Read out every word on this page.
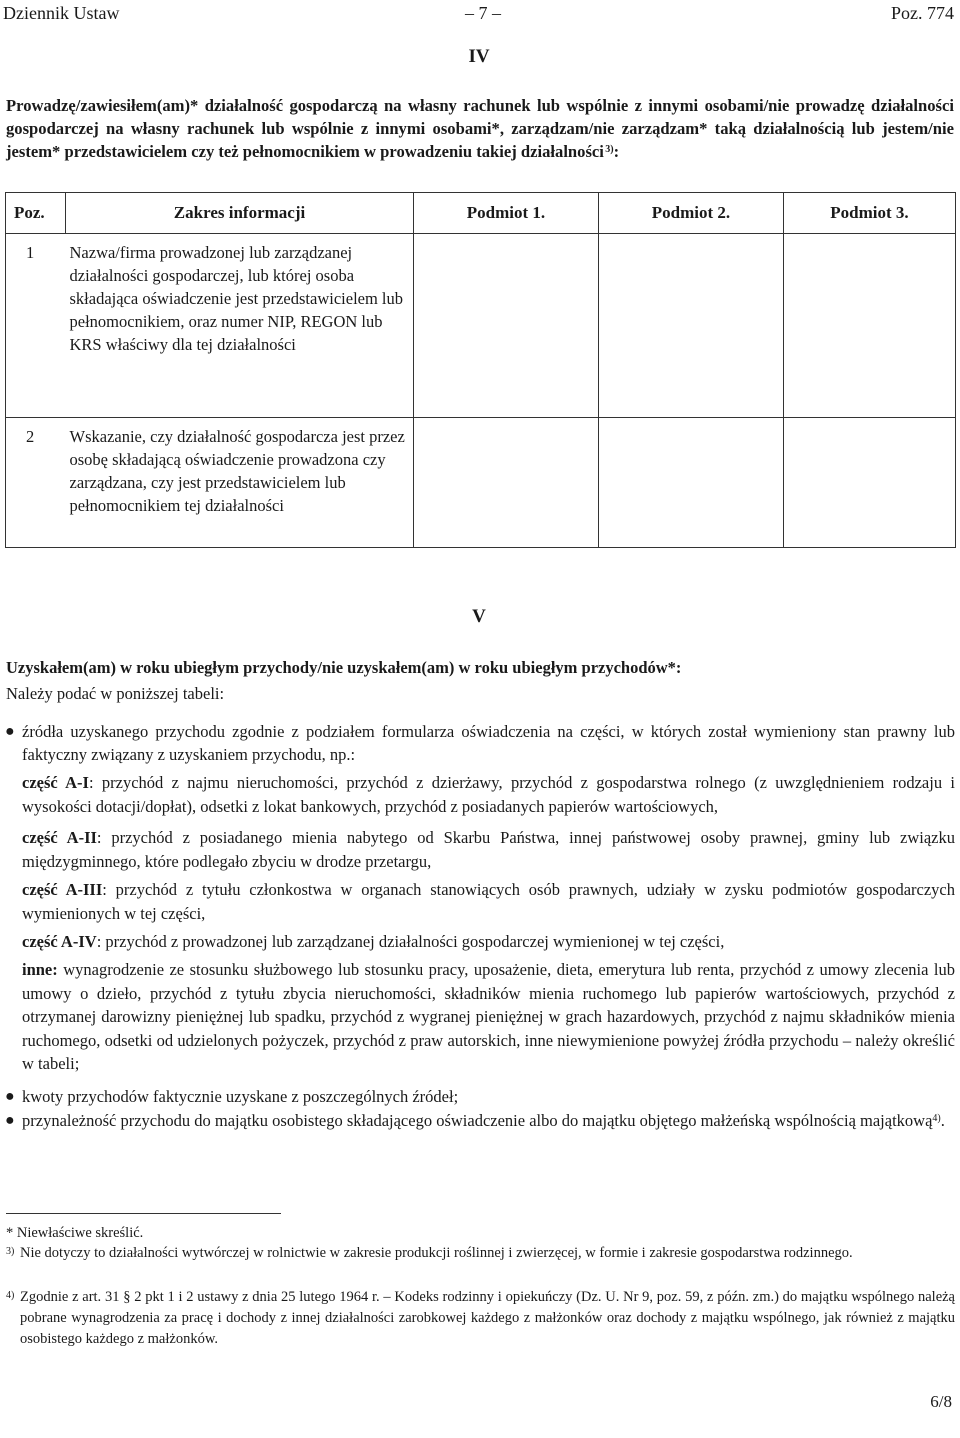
Dziennik Ustaw	– 7 –	Poz. 774
IV
Prowadzę/zawiesiłem(am)* działalność gospodarczą na własny rachunek lub wspólnie z innymi osobami/nie prowadzę działalności gospodarczej na własny rachunek lub wspólnie z innymi osobami*, zarządzam/nie zarządzam* taką działalnością lub jestem/nie jestem* przedstawicielem czy też pełnomocnikiem w prowadzeniu takiej działalności $^{3)}$:
Poz.	Zakres informacji	Podmiot 1.	Podmiot 2.	Podmiot 3.
1	Nazwa/firma prowadzonej lub zarządzanej działalności gospodarczej, lub której osoba składająca oświadczenie jest przedstawicielem lub pełnomocnikiem, oraz numer NIP, REGON lub KRS właściwy dla tej działalności			
2	Wskazanie, czy działalność gospodarcza jest przez osobę składającą oświadczenie prowadzona czy zarządzana, czy jest przedstawicielem lub pełnomocnikiem tej działalności			
V
Uzyskałem(am) w roku ubiegłym przychody/nie uzyskałem(am) w roku ubiegłym przychodów*:
Należy podać w poniższej tabeli:
● źródła uzyskanego przychodu zgodnie z podziałem formularza oświadczenia na części, w których został wymieniony stan prawny lub faktyczny związany z uzyskaniem przychodu, np.:
część A-I: przychód z najmu nieruchomości, przychód z dzierżawy, przychód z gospodarstwa rolnego (z uwzględnieniem rodzaju i wysokości dotacji/dopłat), odsetki z lokat bankowych, przychód z posiadanych papierów wartościowych,
część A-II: przychód z posiadanego mienia nabytego od Skarbu Państwa, innej państwowej osoby prawnej, gminy lub związku międzygminnego, które podlegało zbyciu w drodze przetargu,
część A-III: przychód z tytułu członkostwa w organach stanowiących osób prawnych, udziały w zysku podmiotów gospodarczych wymienionych w tej części,
część A-IV: przychód z prowadzonej lub zarządzanej działalności gospodarczej wymienionej w tej części,
inne: wynagrodzenie ze stosunku służbowego lub stosunku pracy, uposażenie, dieta, emerytura lub renta, przychód z umowy zlecenia lub umowy o dzieło, przychód z tytułu zbycia nieruchomości, składników mienia ruchomego lub papierów wartościowych, przychód z otrzymanej darowizny pieniężnej lub spadku, przychód z wygranej pieniężnej w grach hazardowych, przychód z najmu składników mienia ruchomego, odsetki od udzielonych pożyczek, przychód z praw autorskich, inne niewymienione powyżej źródła przychodu – należy określić w tabeli;
● kwoty przychodów faktycznie uzyskane z poszczególnych źródeł;
● przynależność przychodu do majątku osobistego składającego oświadczenie albo do majątku objętego małżeńską wspólnością majątkową$^{4)}$.
* Niewłaściwe skreślić.
3) Nie dotyczy to działalności wytwórczej w rolnictwie w zakresie produkcji roślinnej i zwierzęcej, w formie i zakresie gospodarstwa rodzinnego.
4) Zgodnie z art. 31 § 2 pkt 1 i 2 ustawy z dnia 25 lutego 1964 r. – Kodeks rodzinny i opiekuńczy (Dz. U. Nr 9, poz. 59, z późn. zm.) do majątku wspólnego należą pobrane wynagrodzenia za pracę i dochody z innej działalności zarobkowej każdego z małżonków oraz dochody z majątku wspólnego, jak również z majątku osobistego każdego z małżonków.
6/8
